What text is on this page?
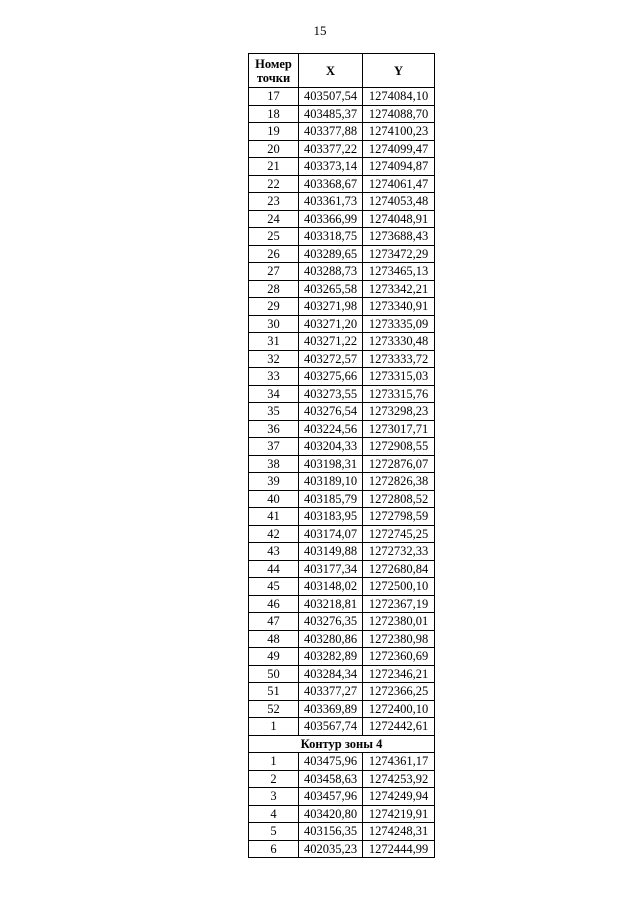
15
Номер
точки	X	Y
17	403507,54	1274084,10
18	403485,37	1274088,70
19	403377,88	1274100,23
20	403377,22	1274099,47
21	403373,14	1274094,87
22	403368,67	1274061,47
23	403361,73	1274053,48
24	403366,99	1274048,91
25	403318,75	1273688,43
26	403289,65	1273472,29
27	403288,73	1273465,13
28	403265,58	1273342,21
29	403271,98	1273340,91
30	403271,20	1273335,09
31	403271,22	1273330,48
32	403272,57	1273333,72
33	403275,66	1273315,03
34	403273,55	1273315,76
35	403276,54	1273298,23
36	403224,56	1273017,71
37	403204,33	1272908,55
38	403198,31	1272876,07
39	403189,10	1272826,38
40	403185,79	1272808,52
41	403183,95	1272798,59
42	403174,07	1272745,25
43	403149,88	1272732,33
44	403177,34	1272680,84
45	403148,02	1272500,10
46	403218,81	1272367,19
47	403276,35	1272380,01
48	403280,86	1272380,98
49	403282,89	1272360,69
50	403284,34	1272346,21
51	403377,27	1272366,25
52	403369,89	1272400,10
1	403567,74	1272442,61
Контур зоны 4		
1	403475,96	1274361,17
2	403458,63	1274253,92
3	403457,96	1274249,94
4	403420,80	1274219,91
5	403156,35	1274248,31
6	402035,23	1272444,99
